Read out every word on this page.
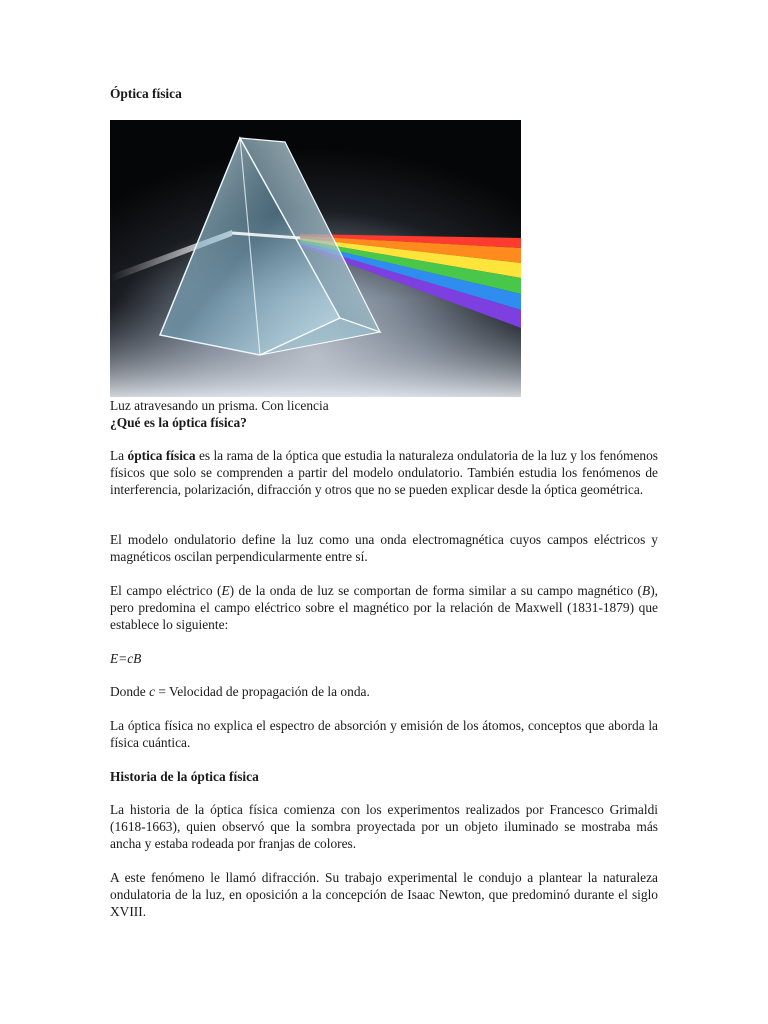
Óptica física

Luz atravesando un prisma. Con licencia

¿Qué es la óptica física?

La óptica física es la rama de la óptica que estudia la naturaleza ondulatoria de la luz y los fenómenos físicos que solo se comprenden a partir del modelo ondulatorio. También estudia los fenómenos de interferencia, polarización, difracción y otros que no se pueden explicar desde la óptica geométrica.

El modelo ondulatorio define la luz como una onda electromagnética cuyos campos eléctricos y magnéticos oscilan perpendicularmente entre sí.

El campo eléctrico (E) de la onda de luz se comportan de forma similar a su campo magnético (B), pero predomina el campo eléctrico sobre el magnético por la relación de Maxwell (1831-1879) que establece lo siguiente:

E=cB

Donde c = Velocidad de propagación de la onda.

La óptica física no explica el espectro de absorción y emisión de los átomos, conceptos que aborda la física cuántica.

Historia de la óptica física

La historia de la óptica física comienza con los experimentos realizados por Francesco Grimaldi (1618-1663), quien observó que la sombra proyectada por un objeto iluminado se mostraba más ancha y estaba rodeada por franjas de colores.

A este fenómeno le llamó difracción. Su trabajo experimental le condujo a plantear la naturaleza ondulatoria de la luz, en oposición a la concepción de Isaac Newton, que predominó durante el siglo XVIII.
